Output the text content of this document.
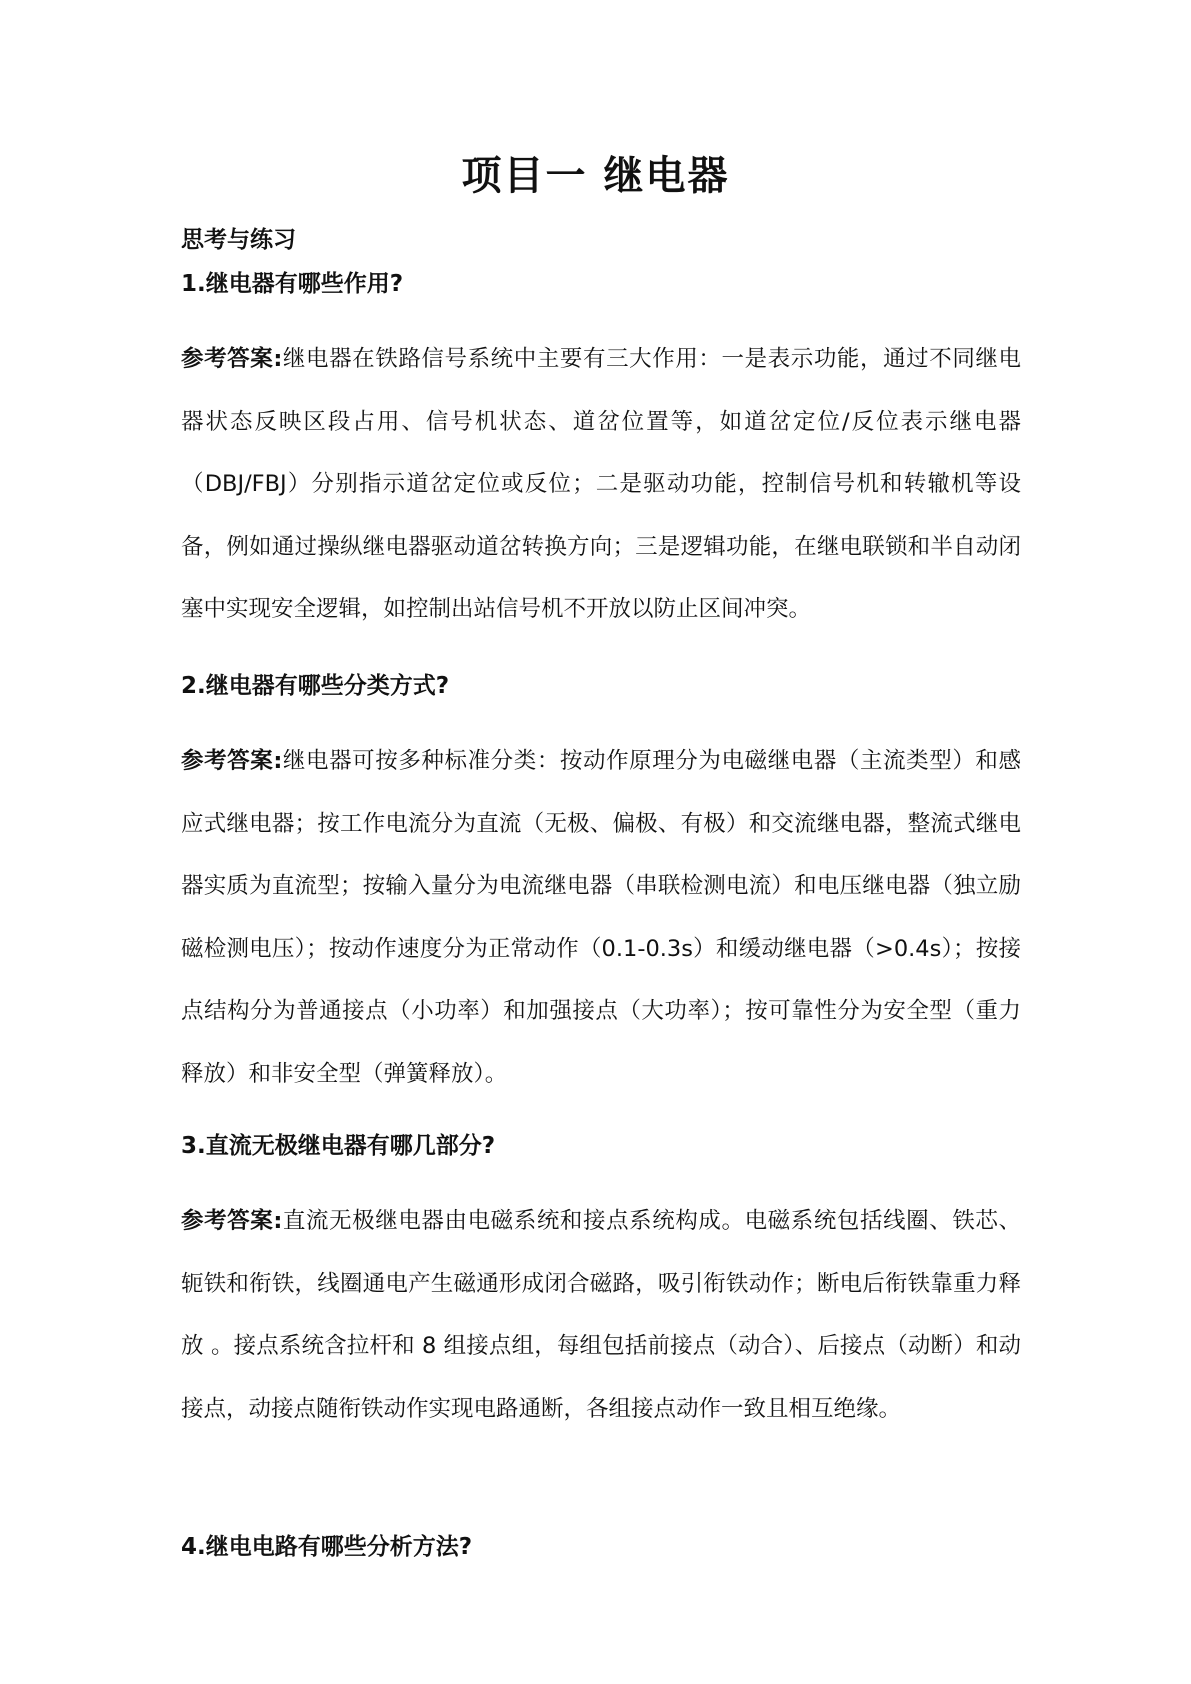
项目一 继电器
思考与练习

1.继电器有哪些作用?

参考答案:继电器在铁路信号系统中主要有三大作用：一是表示功能，通过不同继电器状态反映区段占用、信号机状态、道岔位置等，如道岔定位/反位表示继电器（DBJ/FBJ）分别指示道岔定位或反位；二是驱动功能，控制信号机和转辙机等设备，例如通过操纵继电器驱动道岔转换方向；三是逻辑功能，在继电联锁和半自动闭塞中实现安全逻辑，如控制出站信号机不开放以防止区间冲突。

2.继电器有哪些分类方式?

参考答案:继电器可按多种标准分类：按动作原理分为电磁继电器（主流类型）和感应式继电器；按工作电流分为直流（无极、偏极、有极）和交流继电器，整流式继电器实质为直流型；按输入量分为电流继电器（串联检测电流）和电压继电器（独立励磁检测电压）；按动作速度分为正常动作（0.1-0.3s）和缓动继电器（>0.4s）；按接点结构分为普通接点（小功率）和加强接点（大功率）；按可靠性分为安全型（重力释放）和非安全型（弹簧释放）。

3.直流无极继电器有哪几部分?

参考答案:直流无极继电器由电磁系统和接点系统构成。电磁系统包括线圈、铁芯、轭铁和衔铁，线圈通电产生磁通形成闭合磁路，吸引衔铁动作；断电后衔铁靠重力释放 。接点系统含拉杆和 8 组接点组，每组包括前接点（动合）、后接点（动断）和动接点，动接点随衔铁动作实现电路通断，各组接点动作一致且相互绝缘。

4.继电电路有哪些分析方法?
